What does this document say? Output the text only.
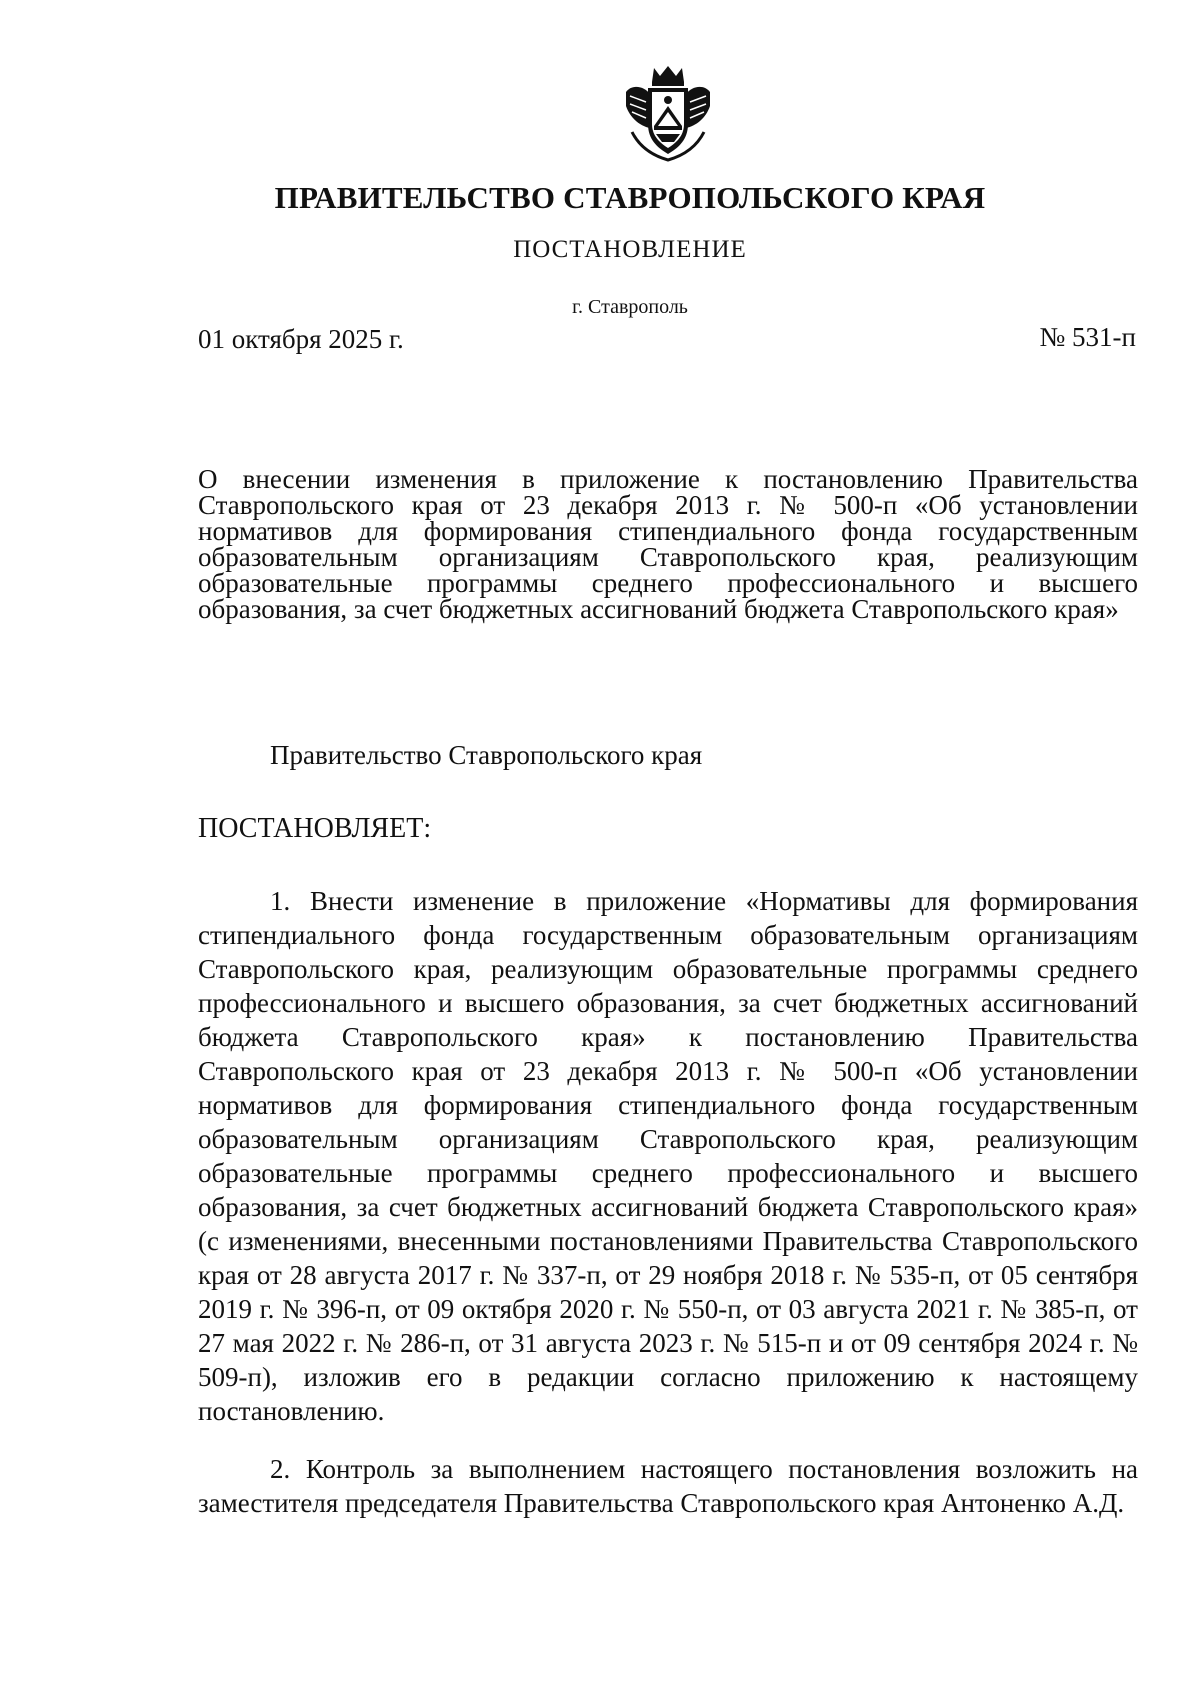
ПРАВИТЕЛЬСТВО СТАВРОПОЛЬСКОГО КРАЯ
ПОСТАНОВЛЕНИЕ
г. Ставрополь
01 октября 2025 г.	№ 531-п
О внесении изменения в приложение к постановлению Правительства Ставропольского края от 23 декабря 2013 г. № 500-п «Об установлении нормативов для формирования стипендиального фонда государственным образовательным организациям Ставропольского края, реализующим образовательные программы среднего профессионального и высшего образования, за счет бюджетных ассигнований бюджета Ставропольского края»
Правительство Ставропольского края
ПОСТАНОВЛЯЕТ:
1. Внести изменение в приложение «Нормативы для формирования стипендиального фонда государственным образовательным организациям Ставропольского края, реализующим образовательные программы среднего профессионального и высшего образования, за счет бюджетных ассигнований бюджета Ставропольского края» к постановлению Правительства Ставропольского края от 23 декабря 2013 г. № 500-п «Об установлении нормативов для формирования стипендиального фонда государственным образовательным организациям Ставропольского края, реализующим образовательные программы среднего профессионального и высшего образования, за счет бюджетных ассигнований бюджета Ставропольского края» (с изменениями, внесенными постановлениями Правительства Ставропольского края от 28 августа 2017 г. № 337-п, от 29 ноября 2018 г. № 535-п, от 05 сентября 2019 г. № 396-п, от 09 октября 2020 г. № 550-п, от 03 августа 2021 г. № 385-п, от 27 мая 2022 г. № 286-п, от 31 августа 2023 г. № 515-п и от 09 сентября 2024 г. № 509-п), изложив его в редакции согласно приложению к настоящему постановлению.
2. Контроль за выполнением настоящего постановления возложить на заместителя председателя Правительства Ставропольского края Антоненко А.Д.
